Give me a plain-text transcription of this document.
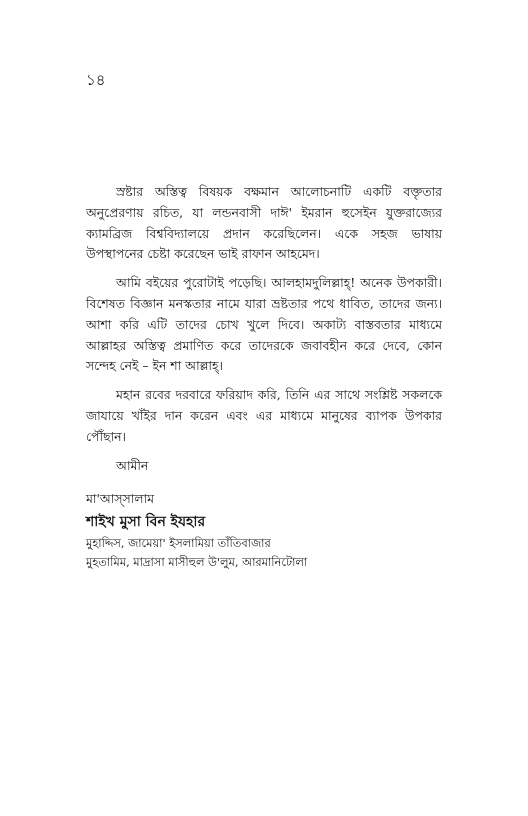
১৪

স্রষ্টার অস্তিত্ব বিষয়ক বক্ষমান আলোচনাটি একটি বক্তৃতার অনুপ্রেরণায় রচিত, যা লন্ডনবাসী দাঈ' ইমরান হুসেইন যুক্তরাজ্যের ক্যামব্রিজ বিশ্ববিদ্যালয়ে প্রদান করেছিলেন। একে সহজ ভাষায় উপস্থাপনের চেষ্টা করেছেন ভাই রাফান আহমেদ।

আমি বইয়ের পুরোটাই পড়েছি। আলহামদুলিল্লাহ্‌! অনেক উপকারী। বিশেষত বিজ্ঞান মনস্কতার নামে যারা ভ্রষ্টতার পথে ধাবিত, তাদের জন্য। আশা করি এটি তাদের চোখ খুলে দিবে। অকাট্য বাস্তবতার মাধ্যমে আল্লাহর অস্তিত্ব প্রমাণিত করে তাদেরকে জবাবহীন করে দেবে, কোন সন্দেহ নেই – ইন শা আল্লাহ্‌।

মহান রবের দরবারে ফরিয়াদ করি, তিনি এর সাথে সংশ্লিষ্ট সকলকে জাযায়ে খাঁইর দান করেন এবং এর মাধ্যমে মানুষের ব্যাপক উপকার পৌঁছান।

আমীন

মা'আস্সালাম
শাইখ মুসা বিন ইযহার
মুহাদ্দিস, জামেয়া' ইসলামিয়া তাঁতিবাজার
মুহতামিম, মাদ্রাসা মাসীহুল উ'লুম, আরমানিটোলা
